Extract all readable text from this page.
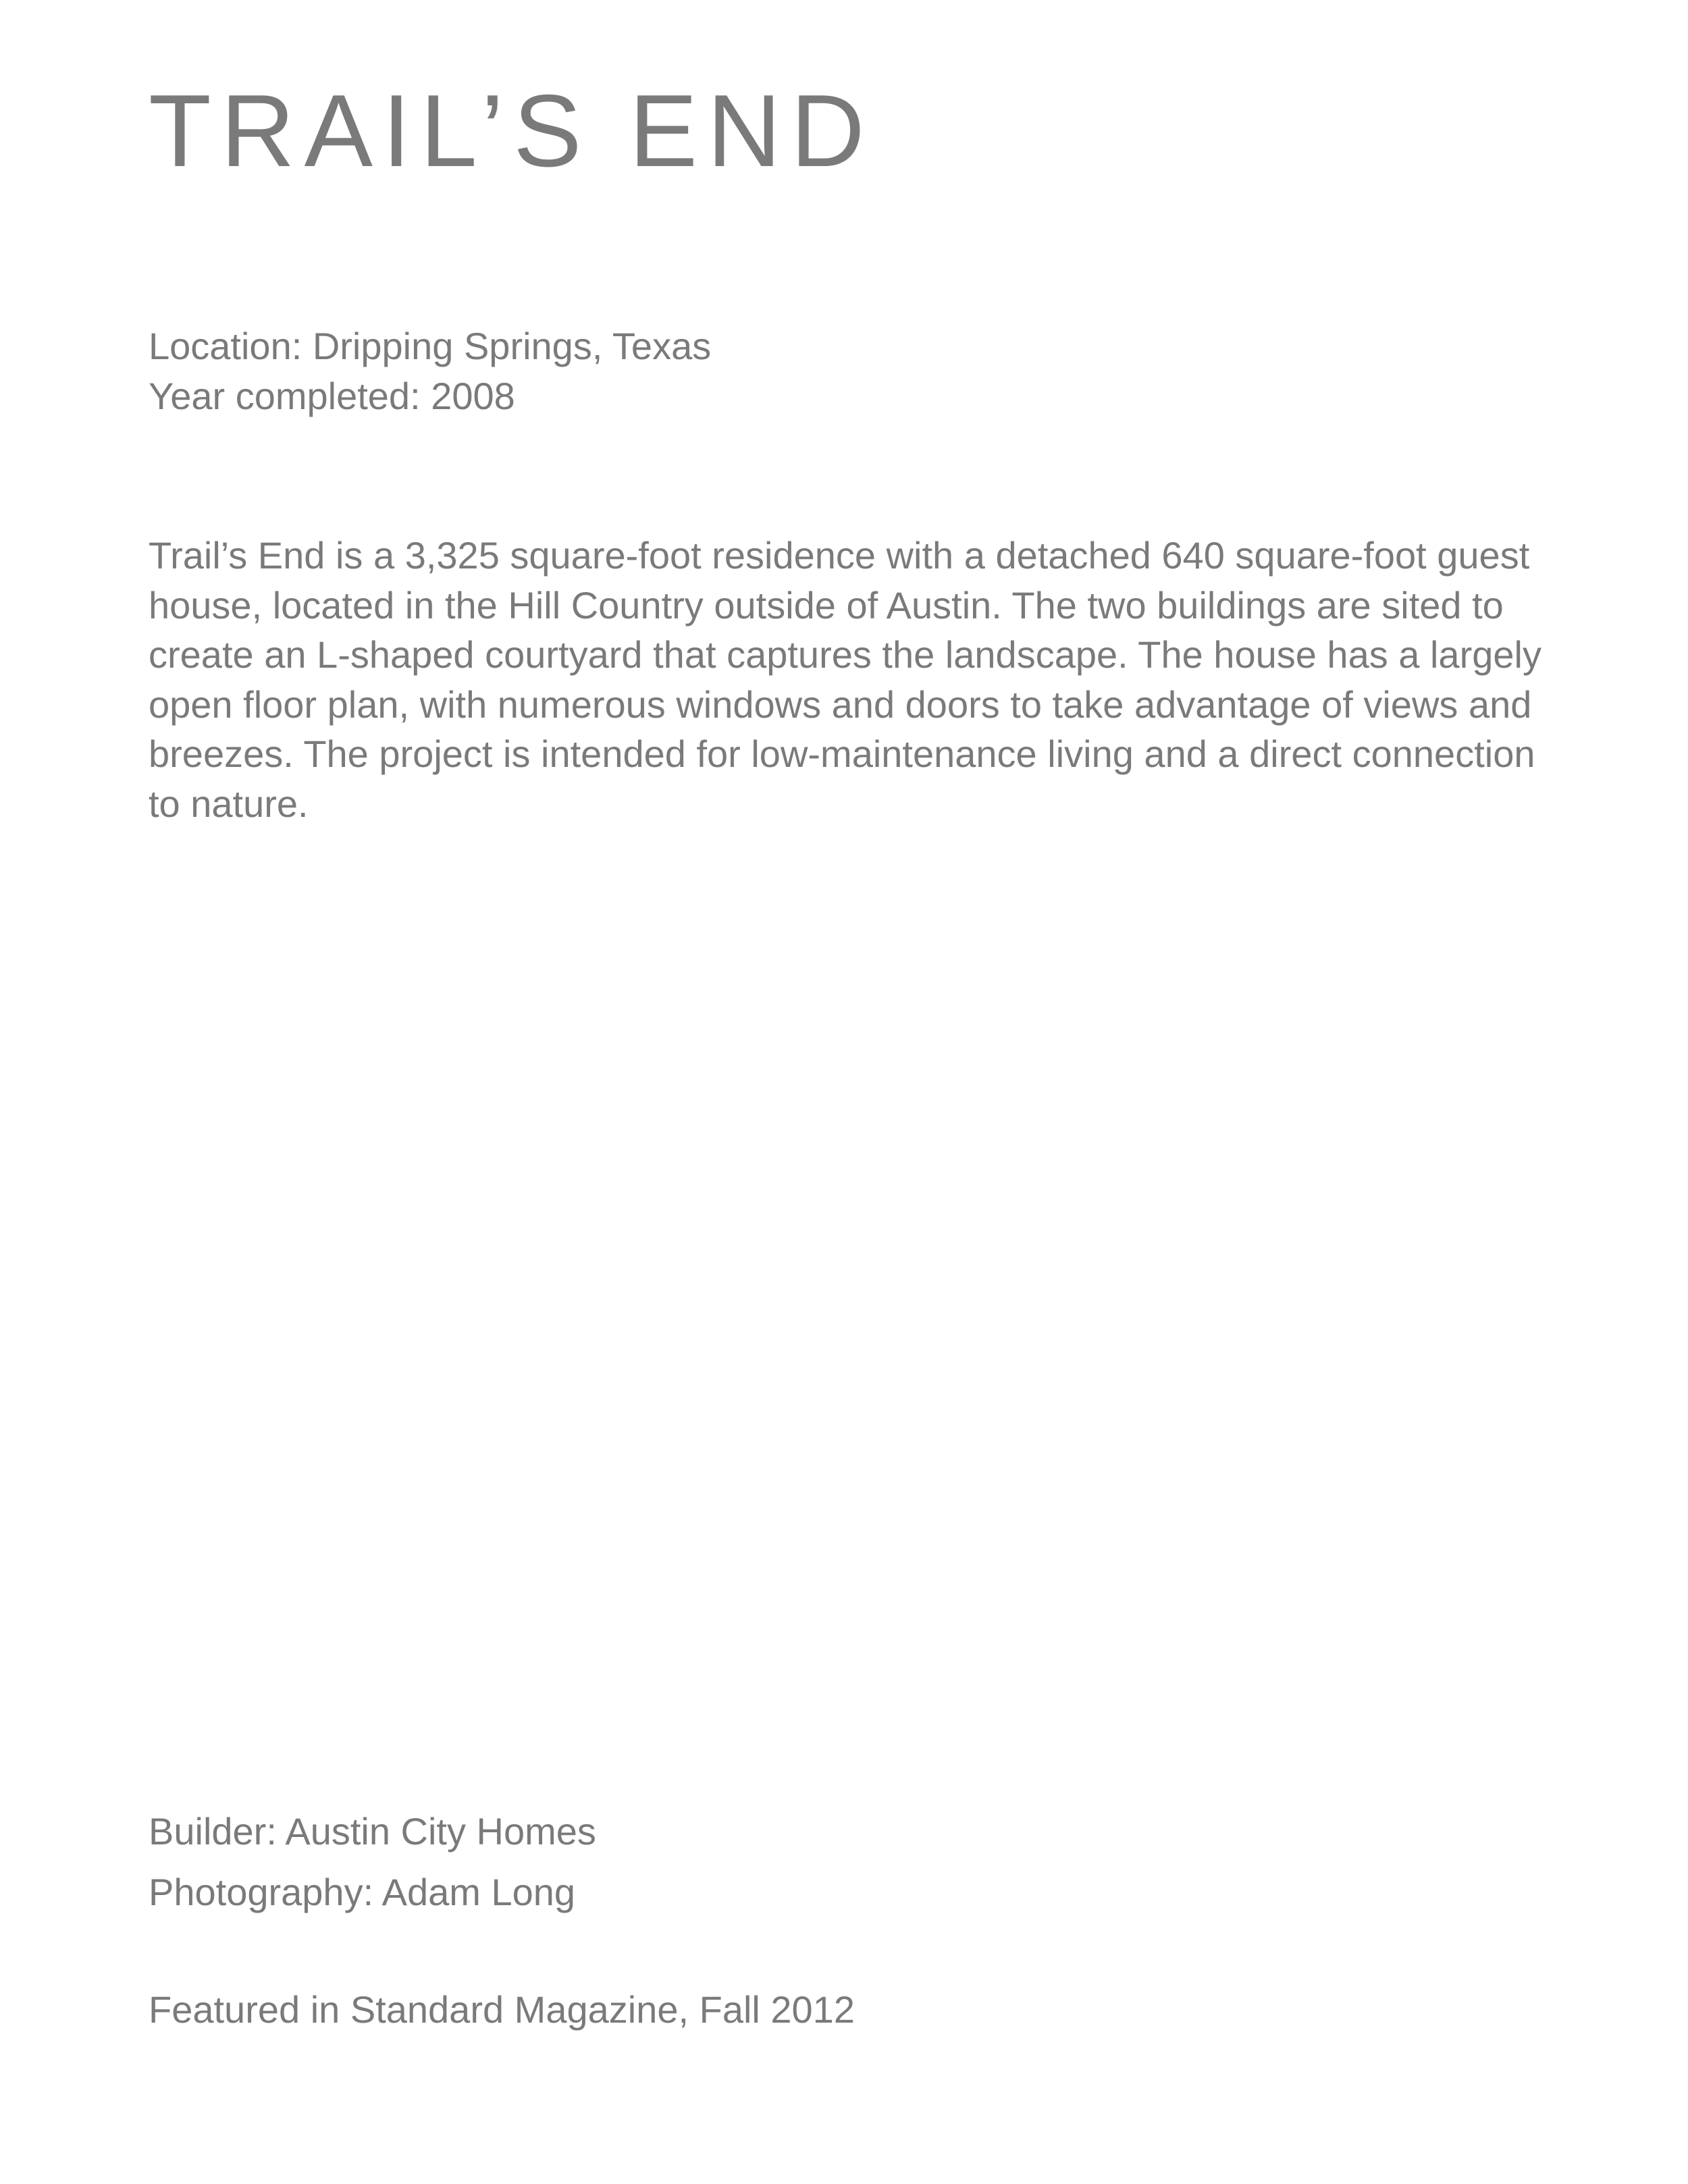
TRAIL’S END
Location: Dripping Springs, Texas
Year completed: 2008

Trail’s End is a 3,325 square-foot residence with a detached 640 square-foot guest house, located in the Hill Country outside of Austin. The two buildings are sited to create an L-shaped courtyard that captures the landscape. The house has a largely open floor plan, with numerous windows and doors to take advantage of views and breezes. The project is intended for low-maintenance living and a direct connection to nature.

Builder: Austin City Homes
Photography: Adam Long
Featured in Standard Magazine, Fall 2012
